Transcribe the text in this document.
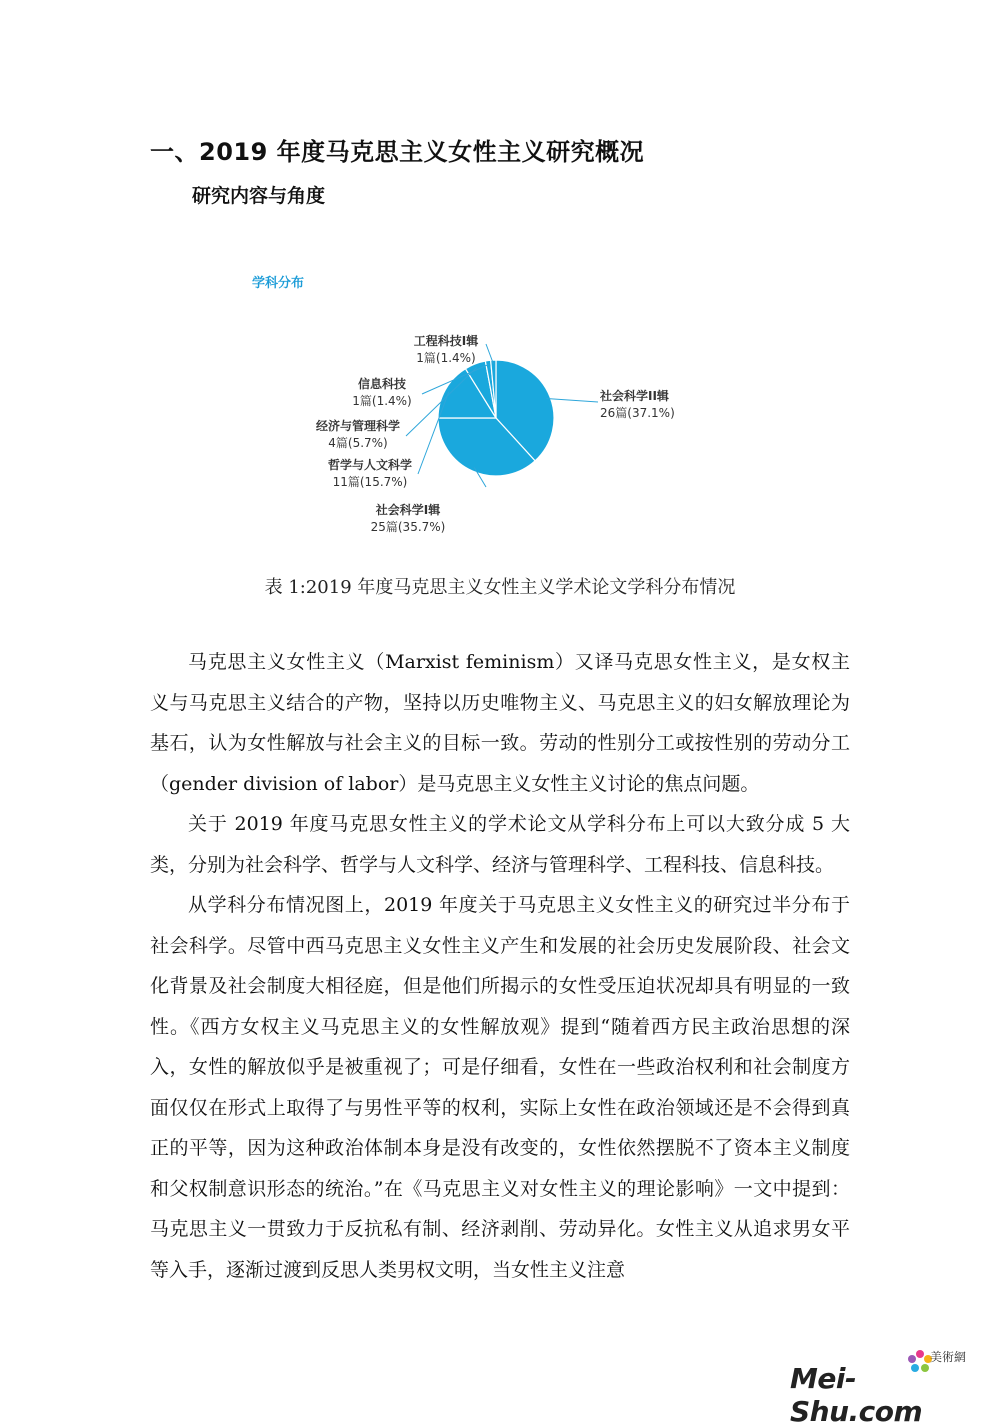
一、2019 年度马克思主义女性主义研究概况
研究内容与角度
学科分布
社会科学II辑
26篇(37.1%)
社会科学I辑
25篇(35.7%)
哲学与人文科学
11篇(15.7%)
经济与管理科学
4篇(5.7%)
信息科技
1篇(1.4%)
工程科技I辑
1篇(1.4%)
表 1:2019 年度马克思主义女性主义学术论文学科分布情况

马克思主义女性主义（Marxist feminism）又译马克思女性主义，是女权主义与马克思主义结合的产物，坚持以历史唯物主义、马克思主义的妇女解放理论为基石，认为女性解放与社会主义的目标一致。劳动的性别分工或按性别的劳动分工（gender division of labor）是马克思主义女性主义讨论的焦点问题。

关于 2019 年度马克思女性主义的学术论文从学科分布上可以大致分成 5 大类，分别为社会科学、哲学与人文科学、经济与管理科学、工程科技、信息科技。

从学科分布情况图上，2019 年度关于马克思主义女性主义的研究过半分布于社会科学。尽管中西马克思主义女性主义产生和发展的社会历史发展阶段、社会文化背景及社会制度大相径庭，但是他们所揭示的女性受压迫状况却具有明显的一致性。《西方女权主义马克思主义的女性解放观》提到“随着西方民主政治思想的深入，女性的解放似乎是被重视了；可是仔细看，女性在一些政治权利和社会制度方面仅仅在形式上取得了与男性平等的权利，实际上女性在政治领域还是不会得到真正的平等，因为这种政治体制本身是没有改变的，女性依然摆脱不了资本主义制度和父权制意识形态的统治。”在《马克思主义对女性主义的理论影响》一文中提到：马克思主义一贯致力于反抗私有制、经济剥削、劳动异化。女性主义从追求男女平等入手，逐渐过渡到反思人类男权文明，当女性主义注意

美術網
Mei-Shu.com
